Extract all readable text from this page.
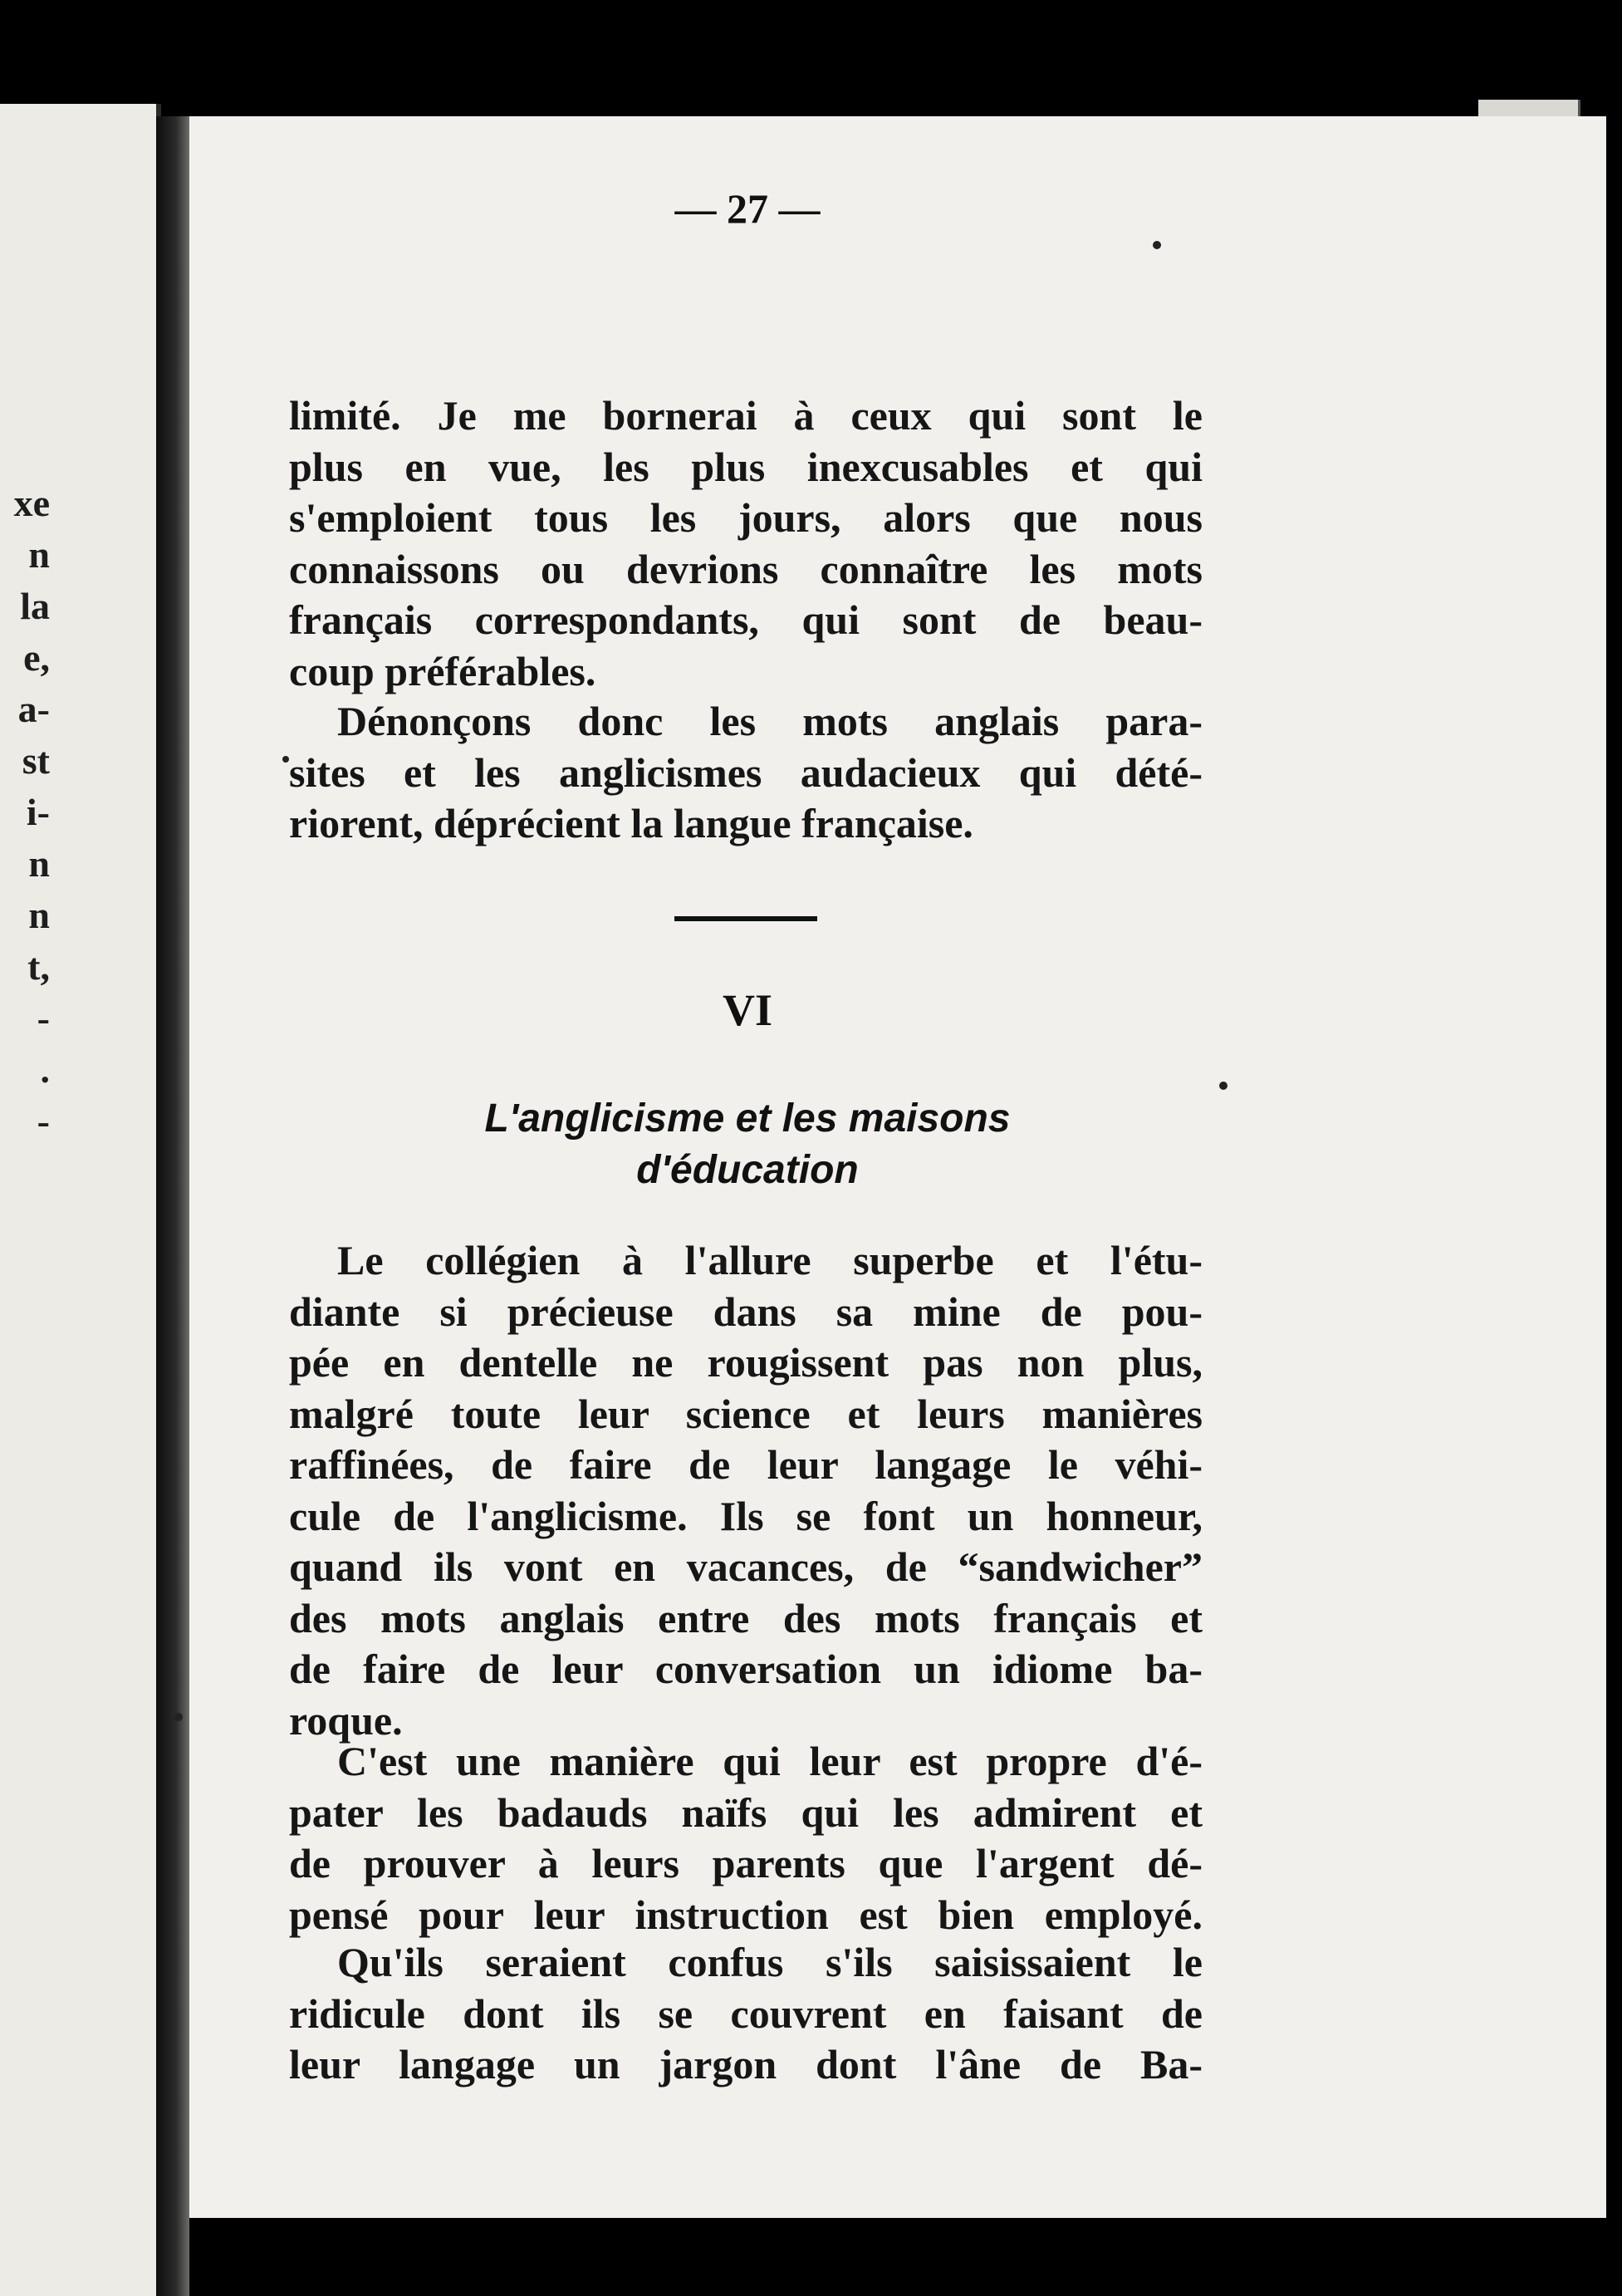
xe
n
la
e,
a-
st
i-
n
n
t,
-
.
-
— 27 —
limité. Je me bornerai à ceux qui sont le
plus en vue, les plus inexcusables et qui
s'emploient tous les jours, alors que nous
connaissons ou devrions connaître les mots
français correspondants, qui sont de beau-
coup préférables.
Dénonçons donc les mots anglais para-
sites et les anglicismes audacieux qui dété-
riorent, déprécient la langue française.
VI
L'anglicisme et les maisons
d'éducation
Le collégien à l'allure superbe et l'étu-
diante si précieuse dans sa mine de pou-
pée en dentelle ne rougissent pas non plus,
malgré toute leur science et leurs manières
raffinées, de faire de leur langage le véhi-
cule de l'anglicisme. Ils se font un honneur,
quand ils vont en vacances, de “sandwicher”
des mots anglais entre des mots français et
de faire de leur conversation un idiome ba-
roque.
C'est une manière qui leur est propre d'é-
pater les badauds naïfs qui les admirent et
de prouver à leurs parents que l'argent dé-
pensé pour leur instruction est bien employé.
Qu'ils seraient confus s'ils saisissaient le
ridicule dont ils se couvrent en faisant de
leur langage un jargon dont l'âne de Ba-
